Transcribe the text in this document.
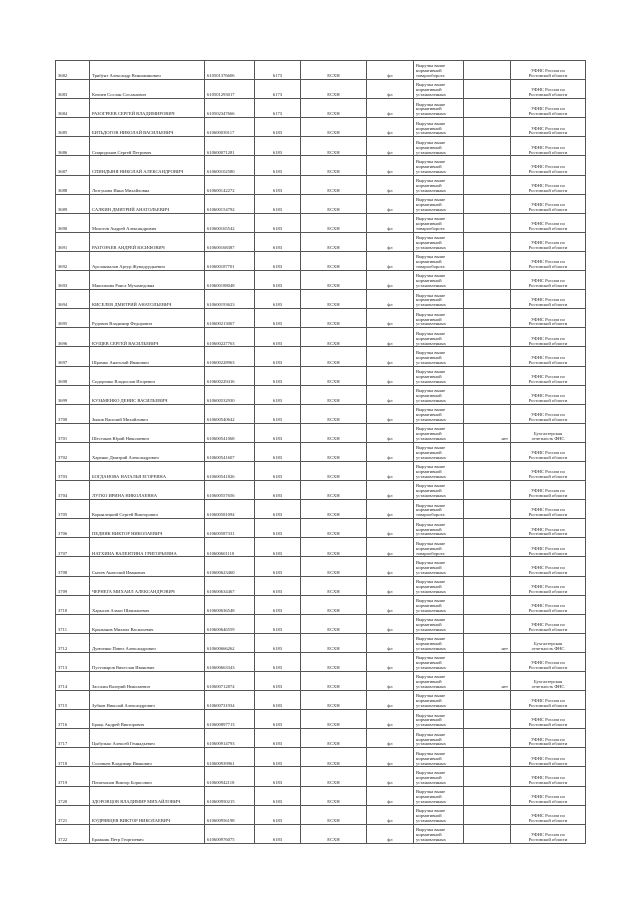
3682	Трибунт Александр Вениаминович	610501376606	6173	ЕСХН	фл	Выручка выше
нормативной
товарооборота		УФНС России по
Ростовской области
3683	Кочиев Сослан Сосланович	610501293017	6173	ЕСХН	фл	Выручка выше
нормативной
установленных		УФНС России по
Ростовской области
3684	РАЗОГРЕЕВ СЕРГЕЙ ВЛАДИМИРОВИЧ	610502347666	6173	ЕСХН	фл	Выручка выше
нормативной
установленных		УФНС России по
Ростовской области
3685	БИТЬДОГОВ НИКОЛАЙ ВАСИЛЬЕВИЧ	610600039117	6183	ЕСХН	фл	Выручка выше
нормативной
установленных		УФНС России по
Ростовской области
3686	Спиридонов Сергей Петрович	610600071281	6183	ЕСХН	фл	Выручка выше
нормативной
установленных		УФНС России по
Ростовской области
3687	СПИНДЫНЯ НИКОЛАЙ АЛЕКСАНДРОВИЧ	610600102580	6183	ЕСХН	фл	Выручка выше
нормативной
установленных		УФНС России по
Ростовской области
3688	Лозгунова Инна Михайловна	610600142272	6183	ЕСХН	фл	Выручка выше
нормативной
установленных		УФНС России по
Ростовской области
3689	САЛКИН ДМИТРИЙ АНАТОЛЬЕВИЧ	610600154792	6183	ЕСХН	фл	Выручка выше
нормативной
установленных		УФНС России по
Ростовской области
3690	Мохотов Андрей Александрович	610600165542	6183	ЕСХН	фл	Выручка выше
нормативной
товарооборота		УФНС России по
Ростовской области
3691	РАЗГОРАЕВ АНДРЕЙ ЮСИФОВИЧ	610600168387	6183	ЕСХН	фл	Выручка выше
нормативной
установленных		УФНС России по
Ростовской области
3692	Арсланмалов Артур Жумадурдыевич	610600187701	6183	ЕСХН	фл	Выручка выше
нормативной
товарооборота		УФНС России по
Ростовской области
3693	Максимова Раиса Мухамедовна	610600188048	6183	ЕСХН	фл	Выручка выше
нормативной
установленных		УФНС России по
Ростовской области
3694	КИСЕЛЕВ ДМИТРИЙ АНАТОЛЬЕВИЧ	610600193623	6183	ЕСХН	фл	Выручка выше
нормативной
установленных		УФНС России по
Ростовской области
3695	Рудович Владимир Федорович	610600213067	6183	ЕСХН	фл	Выручка выше
нормативной
установленных		УФНС России по
Ростовской области
3696	КУЩЕВ СЕРГЕЙ ВАСИЛЬЕВИЧ	610600227763	6183	ЕСХН	фл	Выручка выше
нормативной
установленных		УФНС России по
Ростовской области
3697	Шрамко Анатолий Иванович	610600228963	6183	ЕСХН	фл	Выручка выше
нормативной
установленных		УФНС России по
Ростовской области
3698	Сидоренко Владислав Игоревич	610600229416	6183	ЕСХН	фл	Выручка выше
нормативной
установленных		УФНС России по
Ростовской области
3699	КУЗЬМЕНКО ДЕНИС ВАСИЛЬЕВИЧ	610600532930	6183	ЕСХН	фл	Выручка выше
нормативной
установленных		УФНС России по
Ростовской области
3700	Зыков Василий Михайлович	610600540642	6183	ЕСХН	фл	Выручка выше
нормативной
установленных		УФНС России по
Ростовской области
3701	Шестаков Юрий Николаевич	610600541068	6183	ЕСХН	фл	Выручка выше
нормативной
установленных	нет	Бухгалтерская
отчетность ФНС
3702	Харенко Дмитрий Александрович	610600541607	6183	ЕСХН	фл	Выручка выше
нормативной
установленных		УФНС России по
Ростовской области
3703	БОГДАНОВА НАТАЛЬЯ ЕГОРЕВНА	610600541826	6183	ЕСХН	фл	Выручка выше
нормативной
установленных		УФНС России по
Ростовской области
3704	ЛУГКО ИРИНА НИКОЛАЕВНА	610600557656	6183	ЕСХН	фл	Выручка выше
нормативной
установленных		УФНС России по
Ростовской области
3705	Корнилецкий Сергей Викторович	610600581094	6183	ЕСХН	фл	Выручка выше
нормативной
товарооборота		УФНС России по
Ростовской области
3706	ПЕДНЯК ВИКТОР НИКОЛАЕВИЧ	610600587331	6183	ЕСХН	фл	Выручка выше
нормативной
установленных		УФНС России по
Ростовской области
3707	НАТХИНА ВАЛЕНТИНА ГРИГОРЬЕВНА	610600601110	6183	ЕСХН	фл	Выручка выше
нормативной
товарооборота		УФНС России по
Ростовской области
3708	Сычев Анатолий Иванович	610600623460	6183	ЕСХН	фл	Выручка выше
нормативной
установленных		УФНС России по
Ростовской области
3709	ЧЕРНЕГА МИХАИЛ АЛЕКСАНДРОВИЧ	610600634467	6183	ЕСХН	фл	Выручка выше
нормативной
установленных		УФНС России по
Ростовской области
3710	Харысов Алмаз Шамильевич	610600636548	6183	ЕСХН	фл	Выручка выше
нормативной
установленных		УФНС России по
Ростовской области
3711	Крыжанов Михаил Васильевич	610600646559	6183	ЕСХН	фл	Выручка выше
нормативной
установленных		УФНС России по
Ростовской области
3712	Думченко Павел Александрович	610600666262	6183	ЕСХН	фл	Выручка выше
нормативной
установленных	нет	Бухгалтерская
отчетность ФНС
3713	Пустоваров Вячеслав Иванович	610600663343	6183	ЕСХН	фл	Выручка выше
нормативной
установленных		УФНС России по
Ростовской области
3714	Засохин Валерий Николаевич	610600712874	6183	ЕСХН	фл	Выручка выше
нормативной
установленных	нет	Бухгалтерская
отчетность ФНС
3715	Зубков Николай Александрович	610600731934	6183	ЕСХН	фл	Выручка выше
нормативной
установленных		УФНС России по
Ростовской области
3716	Браць Андрей Викторович	610600897713	6183	ЕСХН	фл	Выручка выше
нормативной
установленных		УФНС России по
Ростовской области
3717	Цыбулько Алексей Геннадьевич	610600914793	6183	ЕСХН	фл	Выручка выше
нормативной
установленных		УФНС России по
Ростовской области
3718	Соловьев Владимир Иванович	610600939961	6183	ЕСХН	фл	Выручка выше
нормативной
установленных		УФНС России по
Ростовской области
3719	Пешехонов Виктор Борисович	610600942118	6183	ЕСХН	фл	Выручка выше
нормативной
установленных		УФНС России по
Ростовской области
3720	ЗДОРОВЦОВ ВЛАДИМИР МИХАЙЛОВИЧ	610600950215	6183	ЕСХН	фл	Выручка выше
нормативной
установленных		УФНС России по
Ростовской области
3721	КУДРЯВЦЕВ ВИКТОР НИКОЛАЕВИЧ	610600956198	6183	ЕСХН	фл	Выручка выше
нормативной
установленных		УФНС России по
Ростовской области
3722	Бражник Петр Георгиевич	610600976075	6183	ЕСХН	фл	Выручка выше
нормативной
установленных		УФНС России по
Ростовской области
